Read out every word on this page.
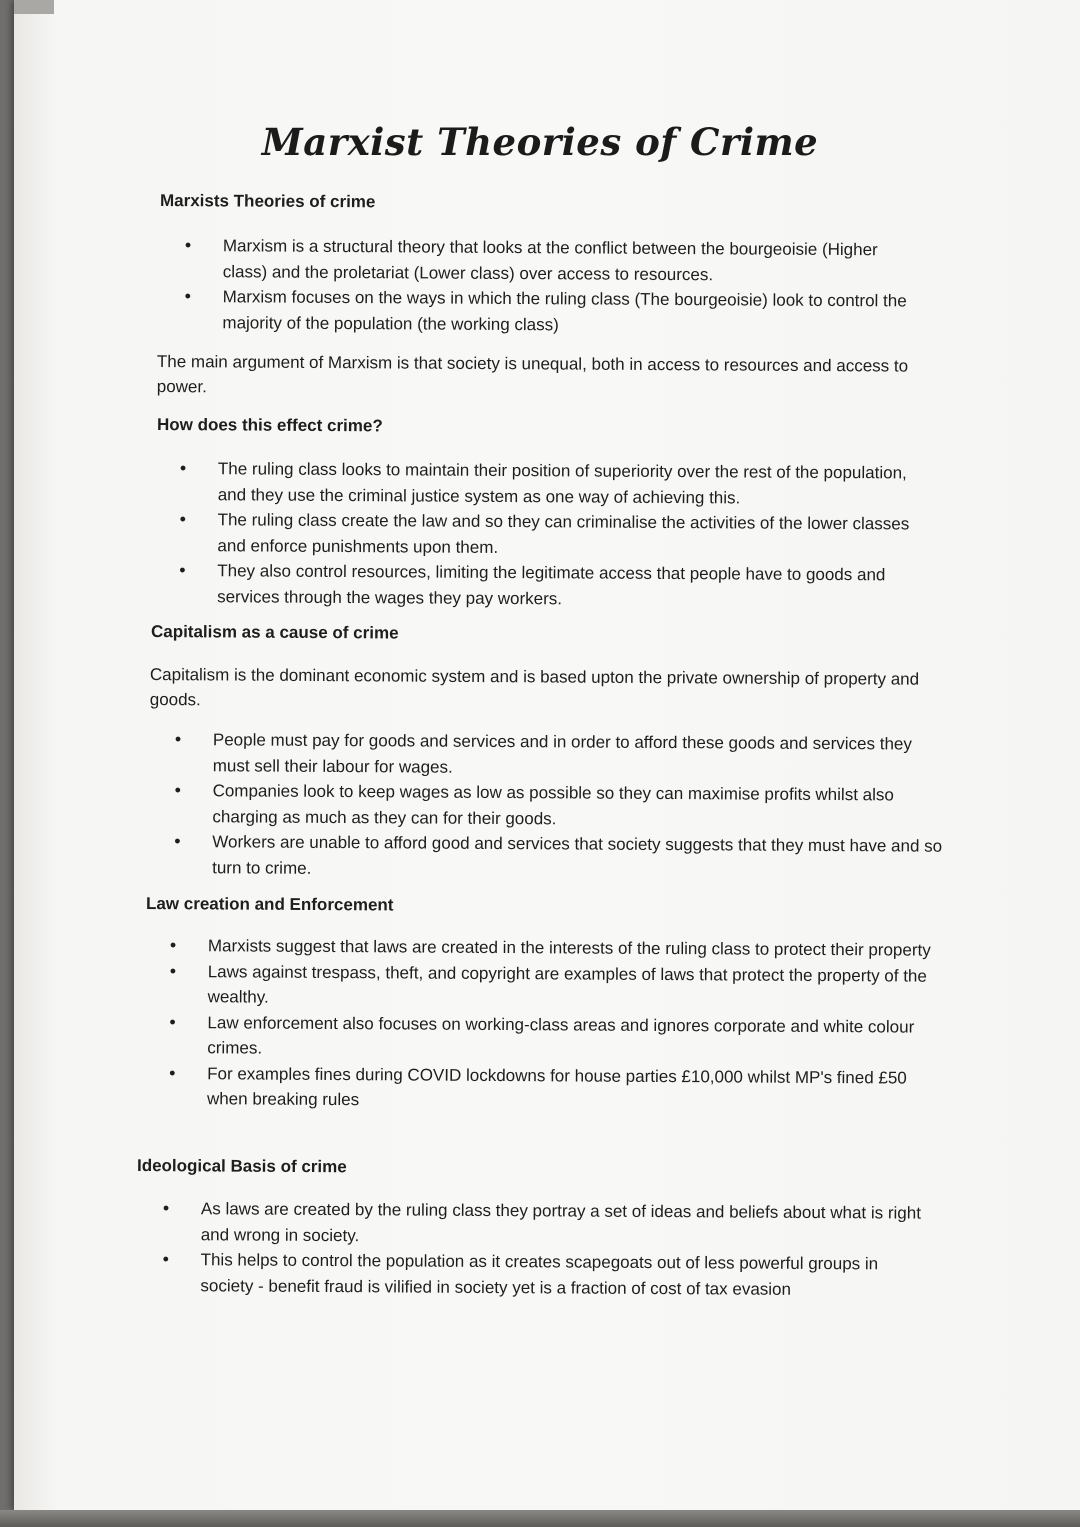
Marxist Theories of Crime

Marxists Theories of crime

• Marxism is a structural theory that looks at the conflict between the bourgeoisie (Higher class) and the proletariat (Lower class) over access to resources.
• Marxism focuses on the ways in which the ruling class (The bourgeoisie) look to control the majority of the population (the working class)

The main argument of Marxism is that society is unequal, both in access to resources and access to power.

How does this effect crime?

• The ruling class looks to maintain their position of superiority over the rest of the population, and they use the criminal justice system as one way of achieving this.
• The ruling class create the law and so they can criminalise the activities of the lower classes and enforce punishments upon them.
• They also control resources, limiting the legitimate access that people have to goods and services through the wages they pay workers.

Capitalism as a cause of crime

Capitalism is the dominant economic system and is based upton the private ownership of property and goods.

• People must pay for goods and services and in order to afford these goods and services they must sell their labour for wages.
• Companies look to keep wages as low as possible so they can maximise profits whilst also charging as much as they can for their goods.
• Workers are unable to afford good and services that society suggests that they must have and so turn to crime.

Law creation and Enforcement

• Marxists suggest that laws are created in the interests of the ruling class to protect their property
• Laws against trespass, theft, and copyright are examples of laws that protect the property of the wealthy.
• Law enforcement also focuses on working-class areas and ignores corporate and white colour crimes.
• For examples fines during COVID lockdowns for house parties £10,000 whilst MP's fined £50 when breaking rules

Ideological Basis of crime

• As laws are created by the ruling class they portray a set of ideas and beliefs about what is right and wrong in society.
• This helps to control the population as it creates scapegoats out of less powerful groups in society - benefit fraud is vilified in society yet is a fraction of cost of tax evasion
